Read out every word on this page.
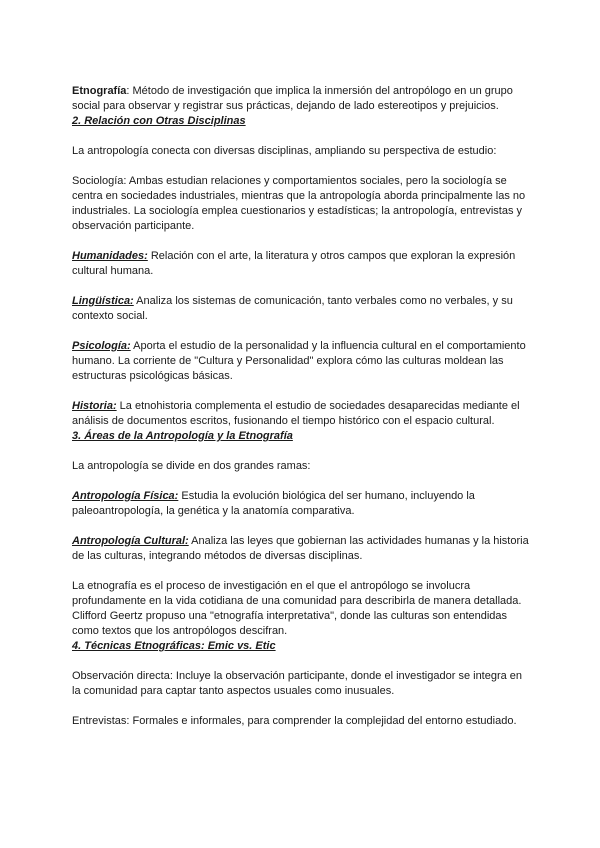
Etnografía: Método de investigación que implica la inmersión del antropólogo en un grupo social para observar y registrar sus prácticas, dejando de lado estereotipos y prejuicios.

2. Relación con Otras Disciplinas

La antropología conecta con diversas disciplinas, ampliando su perspectiva de estudio:

Sociología: Ambas estudian relaciones y comportamientos sociales, pero la sociología se centra en sociedades industriales, mientras que la antropología aborda principalmente las no industriales. La sociología emplea cuestionarios y estadísticas; la antropología, entrevistas y observación participante.

Humanidades: Relación con el arte, la literatura y otros campos que exploran la expresión cultural humana.

Lingüística: Analiza los sistemas de comunicación, tanto verbales como no verbales, y su contexto social.

Psicología: Aporta el estudio de la personalidad y la influencia cultural en el comportamiento humano. La corriente de "Cultura y Personalidad" explora cómo las culturas moldean las estructuras psicológicas básicas.

Historia: La etnohistoria complementa el estudio de sociedades desaparecidas mediante el análisis de documentos escritos, fusionando el tiempo histórico con el espacio cultural.

3. Áreas de la Antropología y la Etnografía

La antropología se divide en dos grandes ramas:

Antropología Física: Estudia la evolución biológica del ser humano, incluyendo la paleoantropología, la genética y la anatomía comparativa.

Antropología Cultural: Analiza las leyes que gobiernan las actividades humanas y la historia de las culturas, integrando métodos de diversas disciplinas.

La etnografía es el proceso de investigación en el que el antropólogo se involucra profundamente en la vida cotidiana de una comunidad para describirla de manera detallada. Clifford Geertz propuso una "etnografía interpretativa", donde las culturas son entendidas como textos que los antropólogos descifran.

4. Técnicas Etnográficas: Emic vs. Etic

Observación directa: Incluye la observación participante, donde el investigador se integra en la comunidad para captar tanto aspectos usuales como inusuales.

Entrevistas: Formales e informales, para comprender la complejidad del entorno estudiado.
